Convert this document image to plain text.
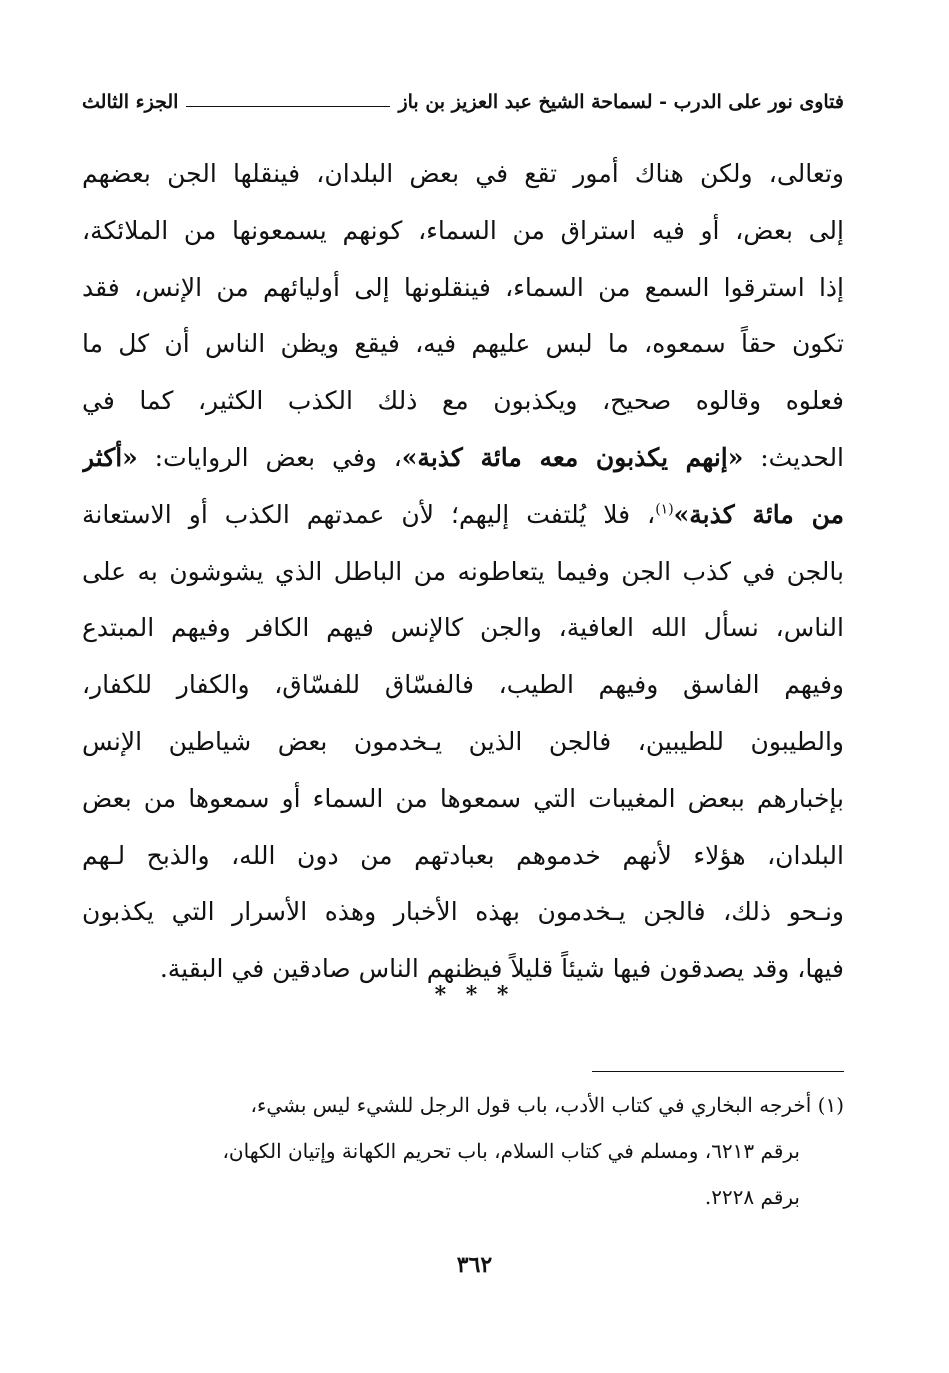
فتاوى نور على الدرب - لسماحة الشيخ عبد العزيز بن باز
الجزء الثالث
وتعالى، ولكن هناك أمور تقع في بعض البلدان، فينقلها الجن بعضهم
إلى بعض، أو فيه استراق من السماء، كونهم يسمعونها من الملائكة،
إذا استرقوا السمع من السماء، فينقلونها إلى أوليائهم من الإنس، فقد
تكون حقاً سمعوه، ما لبس عليهم فيه، فيقع ويظن الناس أن كل ما
فعلوه وقالوه صحيح، ويكذبون مع ذلك الكذب الكثير، كما في
الحديث: «إنهم يكذبون معه مائة كذبة»، وفي بعض الروايات: «أكثر
من مائة كذبة»$^{(١)}$، فلا يُلتفت إليهم؛ لأن عمدتهم الكذب أو الاستعانة
بالجن في كذب الجن وفيما يتعاطونه من الباطل الذي يشوشون به على
الناس، نسأل الله العافية، والجن كالإنس فيهم الكافر وفيهم المبتدع
وفيهم الفاسق وفيهم الطيب، فالفسّاق للفسّاق، والكفار للكفار،
والطيبون للطيبين، فالجن الذين يـخدمون بعض شياطين الإنس
بإخبارهم ببعض المغيبات التي سمعوها من السماء أو سمعوها من بعض
البلدان، هؤلاء لأنهم خدموهم بعبادتهم من دون الله، والذبح لـهم
ونـحو ذلك، فالجن يـخدمون بهذه الأخبار وهذه الأسرار التي يكذبون
فيها، وقد يصدقون فيها شيئاً قليلاً فيظنهم الناس صادقين في البقية.
* * *
(١) أخرجه البخاري في كتاب الأدب، باب قول الرجل للشيء ليس بشيء،
برقم ٦٢١٣، ومسلم في كتاب السلام، باب تحريم الكهانة وإتيان الكهان،
برقم ٢٢٢٨.
٣٦٢
